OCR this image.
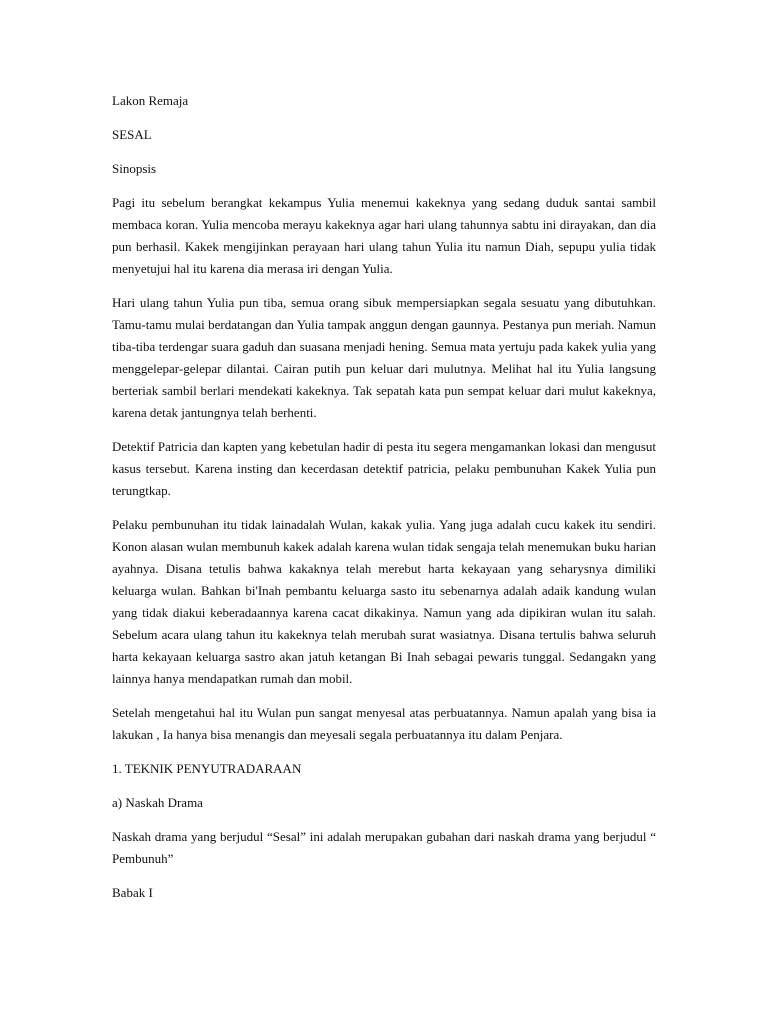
Lakon Remaja

SESAL

Sinopsis

Pagi itu sebelum berangkat kekampus Yulia menemui kakeknya yang sedang duduk santai sambil membaca koran. Yulia mencoba merayu kakeknya agar hari ulang tahunnya sabtu ini dirayakan, dan dia pun berhasil. Kakek mengijinkan perayaan hari ulang tahun Yulia itu namun Diah, sepupu yulia tidak menyetujui hal itu karena dia merasa iri dengan Yulia.

Hari ulang tahun Yulia pun tiba, semua orang sibuk mempersiapkan segala sesuatu yang dibutuhkan. Tamu-tamu mulai berdatangan dan Yulia tampak anggun dengan gaunnya. Pestanya pun meriah. Namun tiba-tiba terdengar suara gaduh dan suasana menjadi hening. Semua mata yertuju pada kakek yulia yang menggelepar-gelepar dilantai. Cairan putih pun keluar dari mulutnya. Melihat hal itu Yulia langsung berteriak sambil berlari mendekati kakeknya. Tak sepatah kata pun sempat keluar dari mulut kakeknya, karena detak jantungnya telah berhenti.

Detektif Patricia dan kapten yang kebetulan hadir di pesta itu segera mengamankan lokasi dan mengusut kasus tersebut. Karena insting dan kecerdasan detektif patricia, pelaku pembunuhan Kakek Yulia pun terungtkap.

Pelaku pembunuhan itu tidak lainadalah Wulan, kakak yulia. Yang juga adalah cucu kakek itu sendiri. Konon alasan wulan membunuh kakek adalah karena wulan tidak sengaja telah menemukan buku harian ayahnya. Disana tetulis bahwa kakaknya telah merebut harta kekayaan yang seharysnya dimiliki keluarga wulan. Bahkan bi'Inah pembantu keluarga sasto itu sebenarnya adalah adaik kandung wulan yang tidak diakui keberadaannya karena cacat dikakinya. Namun yang ada dipikiran wulan itu salah. Sebelum acara ulang tahun itu kakeknya telah merubah surat wasiatnya. Disana tertulis bahwa seluruh harta kekayaan keluarga sastro akan jatuh ketangan Bi Inah sebagai pewaris tunggal. Sedangakn yang lainnya hanya mendapatkan rumah dan mobil.

Setelah mengetahui hal itu Wulan pun sangat menyesal atas perbuatannya. Namun apalah yang bisa ia lakukan , Ia hanya bisa menangis dan meyesali segala perbuatannya itu dalam Penjara.

1. TEKNIK PENYUTRADARAAN

a) Naskah Drama

Naskah drama yang berjudul “Sesal” ini adalah merupakan gubahan dari naskah drama yang berjudul “ Pembunuh”

Babak I
